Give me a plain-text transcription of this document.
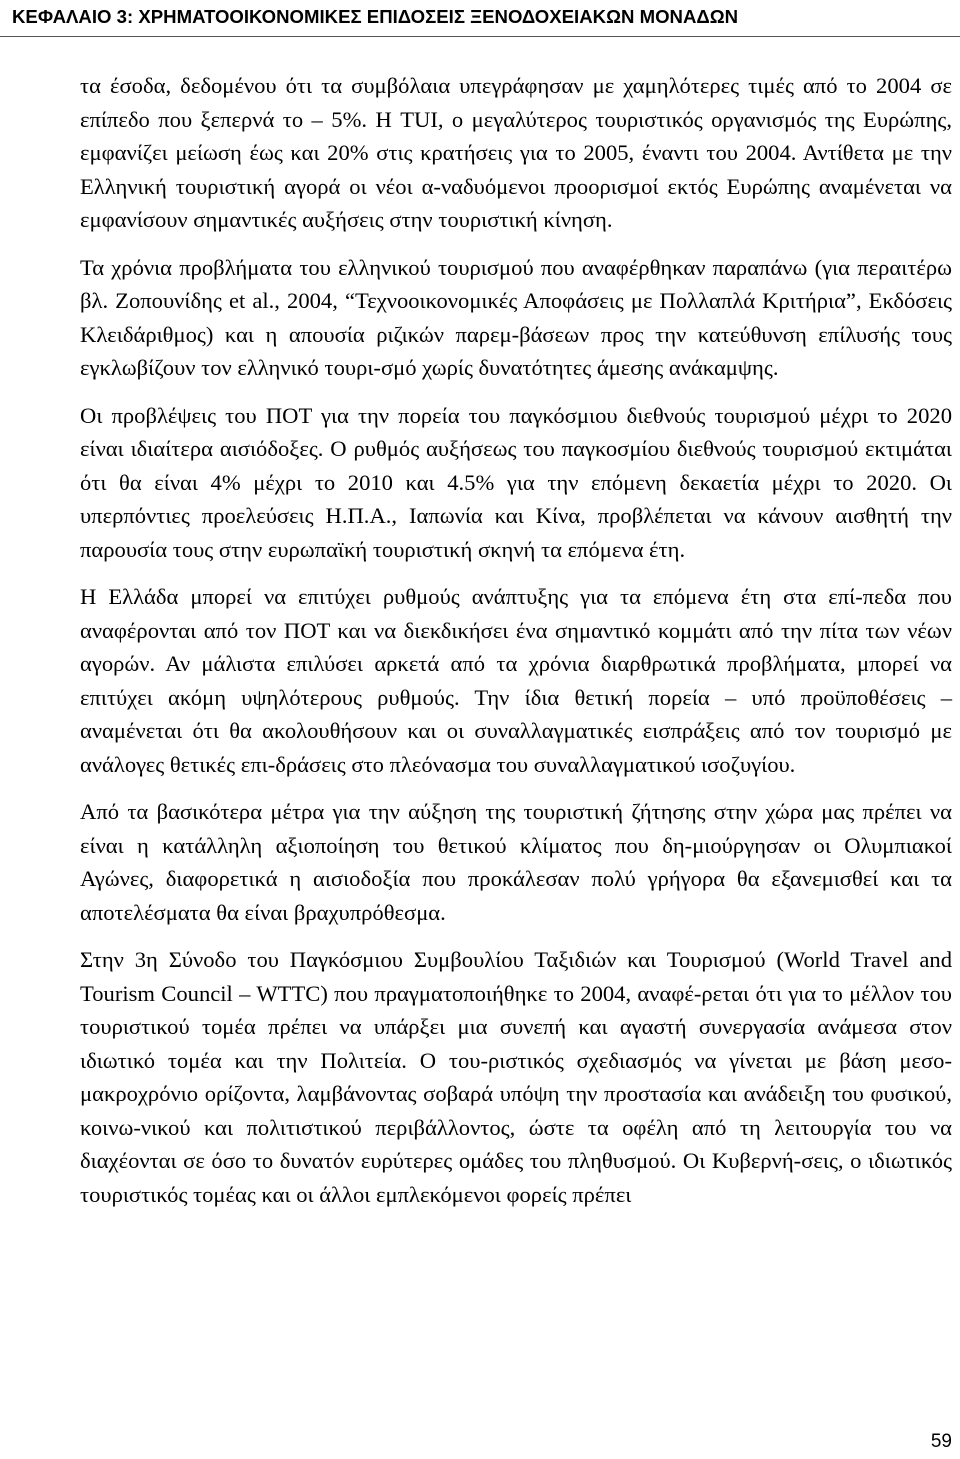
ΚΕΦΑΛΑΙΟ 3: ΧΡΗΜΑΤΟΟΙΚΟΝΟΜΙΚΕΣ ΕΠΙΔΟΣΕΙΣ ΞΕΝΟΔΟΧΕΙΑΚΩΝ ΜΟΝΑΔΩΝ

τα έσοδα, δεδομένου ότι τα συμβόλαια υπεγράφησαν με χαμηλότερες τιμές από το 2004 σε επίπεδο που ξεπερνά το – 5%. Η TUI, ο μεγαλύτερος τουριστικός οργανισμός της Ευρώπης, εμφανίζει μείωση έως και 20% στις κρατήσεις για το 2005, έναντι του 2004. Αντίθετα με την Ελληνική τουριστική αγορά οι νέοι α-ναδυόμενοι προορισμοί εκτός Ευρώπης αναμένεται να εμφανίσουν σημαντικές αυξήσεις στην τουριστική κίνηση.

Τα χρόνια προβλήματα του ελληνικού τουρισμού που αναφέρθηκαν παραπάνω (για περαιτέρω βλ. Ζοπουνίδης et al., 2004, “Τεχνοοικονομικές Αποφάσεις με Πολλαπλά Κριτήρια”, Εκδόσεις Κλειδάριθμος) και η απουσία ριζικών παρεμ-βάσεων προς την κατεύθυνση επίλυσής τους εγκλωβίζουν τον ελληνικό τουρι-σμό χωρίς δυνατότητες άμεσης ανάκαμψης.

Οι προβλέψεις του ΠΟΤ για την πορεία του παγκόσμιου διεθνούς τουρισμού μέχρι το 2020 είναι ιδιαίτερα αισιόδοξες. Ο ρυθμός αυξήσεως του παγκοσμίου διεθνούς τουρισμού εκτιμάται ότι θα είναι 4% μέχρι το 2010 και 4.5% για την επόμενη δεκαετία μέχρι το 2020. Οι υπερπόντιες προελεύσεις Η.Π.Α., Ιαπωνία και Κίνα, προβλέπεται να κάνουν αισθητή την παρουσία τους στην ευρωπαϊκή τουριστική σκηνή τα επόμενα έτη.

Η Ελλάδα μπορεί να επιτύχει ρυθμούς ανάπτυξης για τα επόμενα έτη στα επί-πεδα που αναφέρονται από τον ΠΟΤ και να διεκδικήσει ένα σημαντικό κομμάτι από την πίτα των νέων αγορών. Αν μάλιστα επιλύσει αρκετά από τα χρόνια διαρθρωτικά προβλήματα, μπορεί να επιτύχει ακόμη υψηλότερους ρυθμούς. Την ίδια θετική πορεία – υπό προϋποθέσεις – αναμένεται ότι θα ακολουθήσουν και οι συναλλαγματικές εισπράξεις από τον τουρισμό με ανάλογες θετικές επι-δράσεις στο πλεόνασμα του συναλλαγματικού ισοζυγίου.

Από τα βασικότερα μέτρα για την αύξηση της τουριστική ζήτησης στην χώρα μας πρέπει να είναι η κατάλληλη αξιοποίηση του θετικού κλίματος που δη-μιούργησαν οι Ολυμπιακοί Αγώνες, διαφορετικά η αισιοδοξία που προκάλεσαν πολύ γρήγορα θα εξανεμισθεί και τα αποτελέσματα θα είναι βραχυπρόθεσμα.

Στην 3η Σύνοδο του Παγκόσμιου Συμβουλίου Ταξιδιών και Τουρισμού (World Travel and Tourism Council – WTTC) που πραγματοποιήθηκε το 2004, αναφέ-ρεται ότι για το μέλλον του τουριστικού τομέα πρέπει να υπάρξει μια συνεπή και αγαστή συνεργασία ανάμεσα στον ιδιωτικό τομέα και την Πολιτεία. Ο του-ριστικός σχεδιασμός να γίνεται με βάση μεσο-μακροχρόνιο ορίζοντα, λαμβάνοντας σοβαρά υπόψη την προστασία και ανάδειξη του φυσικού, κοινω-νικού και πολιτιστικού περιβάλλοντος, ώστε τα οφέλη από τη λειτουργία του να διαχέονται σε όσο το δυνατόν ευρύτερες ομάδες του πληθυσμού. Οι Κυβερνή-σεις, ο ιδιωτικός τουριστικός τομέας και οι άλλοι εμπλεκόμενοι φορείς πρέπει

59
